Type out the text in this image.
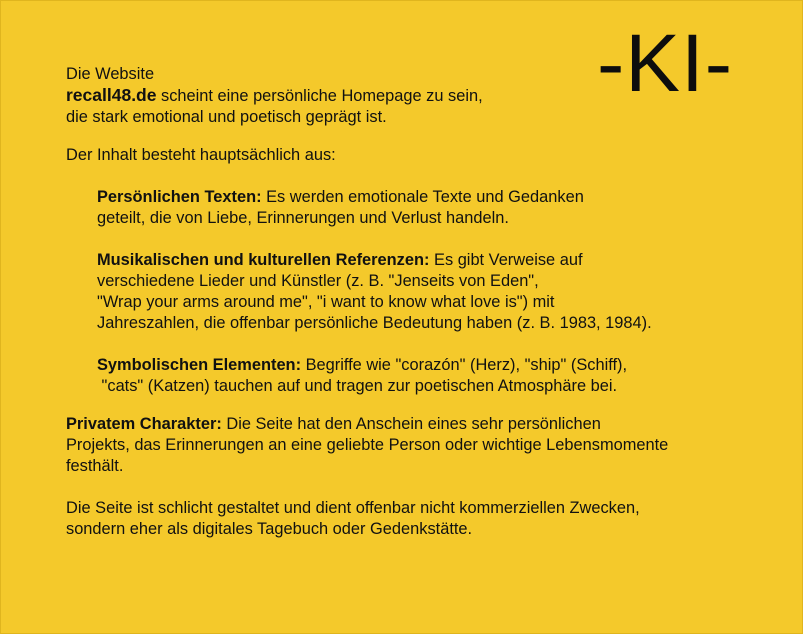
-KI-
Die Website
recall48.de scheint eine persönliche Homepage zu sein,
die stark emotional und poetisch geprägt ist.
Der Inhalt besteht hauptsächlich aus:
Persönlichen Texten: Es werden emotionale Texte und Gedanken
geteilt, die von Liebe, Erinnerungen und Verlust handeln.
Musikalischen und kulturellen Referenzen: Es gibt Verweise auf
verschiedene Lieder und Künstler (z. B. "Jenseits von Eden",
"Wrap your arms around me", "i want to know what love is") mit
Jahreszahlen, die offenbar persönliche Bedeutung haben (z. B. 1983, 1984).
Symbolischen Elementen: Begriffe wie "corazón" (Herz), "ship" (Schiff),
"cats" (Katzen) tauchen auf und tragen zur poetischen Atmosphäre bei.
Privatem Charakter: Die Seite hat den Anschein eines sehr persönlichen
Projekts, das Erinnerungen an eine geliebte Person oder wichtige Lebensmomente
festhält.
Die Seite ist schlicht gestaltet und dient offenbar nicht kommerziellen Zwecken,
sondern eher als digitales Tagebuch oder Gedenkstätte.
